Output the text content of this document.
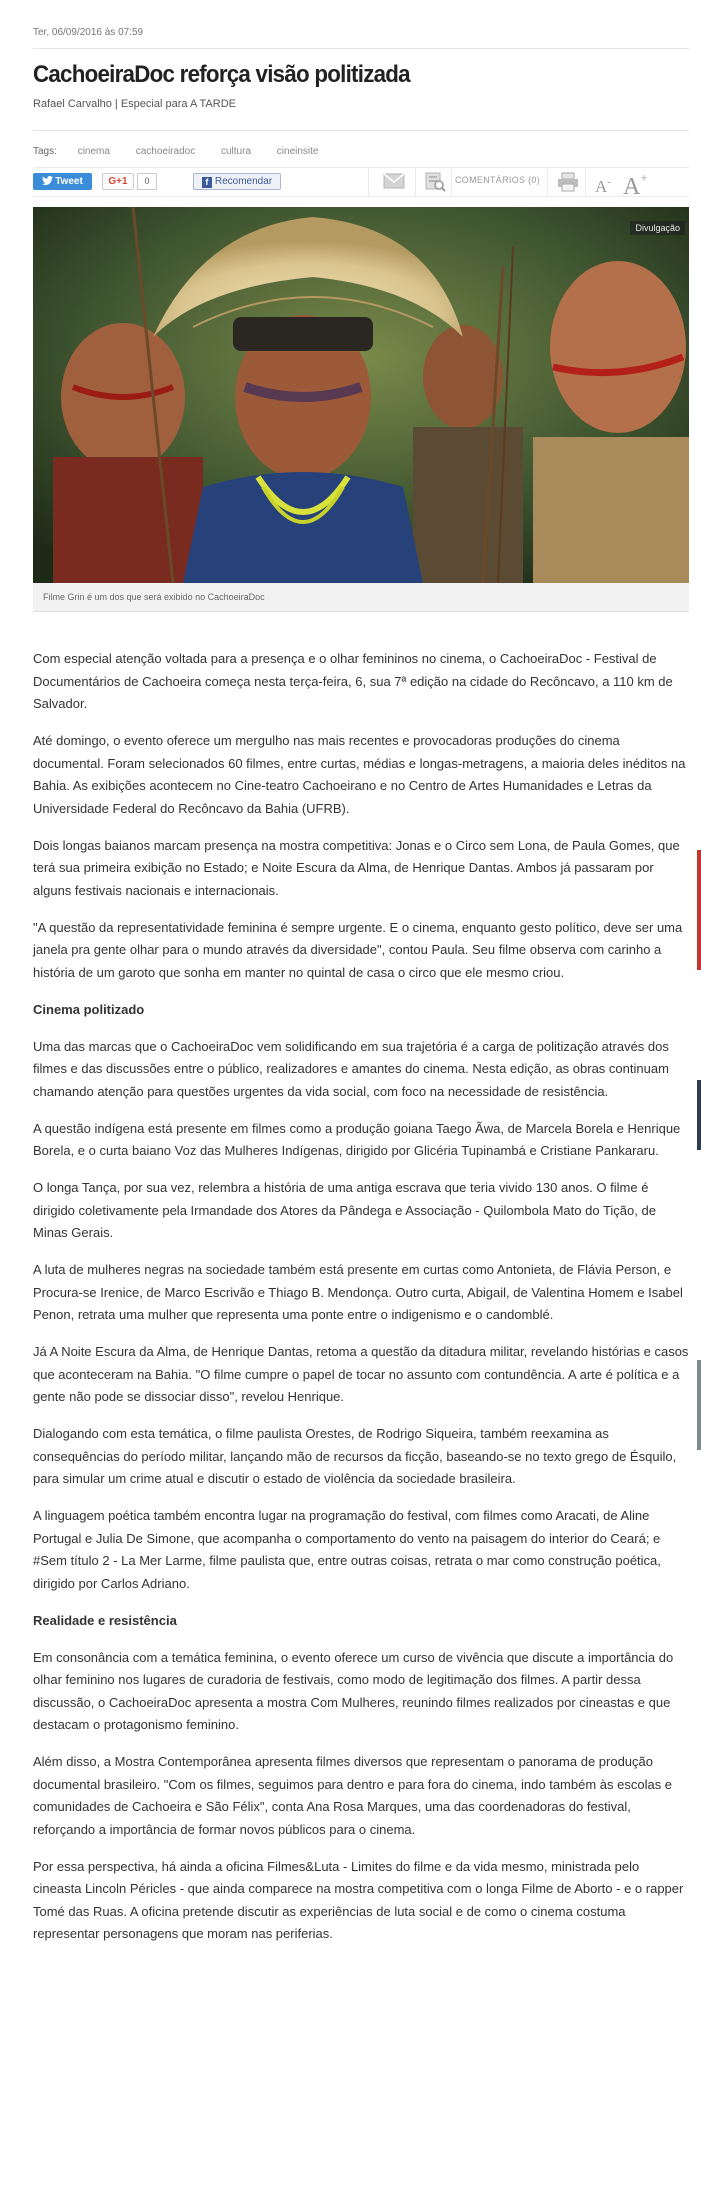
Ter, 06/09/2016 às 07:59
CachoeiraDoc reforça visão politizada
Rafael Carvalho | Especial para A TARDE
Tags: cinema	cachoeiradoc	cultura	cineinsite
Tweet	G+1	0	f Recomendar	COMENTÁRIOS (0)	A- A+
Divulgação
Filme Grin é um dos que será exibido no CachoeiraDoc

Com especial atenção voltada para a presença e o olhar femininos no cinema, o CachoeiraDoc - Festival de Documentários de Cachoeira começa nesta terça-feira, 6, sua 7ª edição na cidade do Recôncavo, a 110 km de Salvador.

Até domingo, o evento oferece um mergulho nas mais recentes e provocadoras produções do cinema documental. Foram selecionados 60 filmes, entre curtas, médias e longas-metragens, a maioria deles inéditos na Bahia. As exibições acontecem no Cine-teatro Cachoeirano e no Centro de Artes Humanidades e Letras da Universidade Federal do Recôncavo da Bahia (UFRB).

Dois longas baianos marcam presença na mostra competitiva: Jonas e o Circo sem Lona, de Paula Gomes, que terá sua primeira exibição no Estado; e Noite Escura da Alma, de Henrique Dantas. Ambos já passaram por alguns festivais nacionais e internacionais.

"A questão da representatividade feminina é sempre urgente. E o cinema, enquanto gesto político, deve ser uma janela pra gente olhar para o mundo através da diversidade", contou Paula. Seu filme observa com carinho a história de um garoto que sonha em manter no quintal de casa o circo que ele mesmo criou.

Cinema politizado

Uma das marcas que o CachoeiraDoc vem solidificando em sua trajetória é a carga de politização através dos filmes e das discussões entre o público, realizadores e amantes do cinema. Nesta edição, as obras continuam chamando atenção para questões urgentes da vida social, com foco na necessidade de resistência.

A questão indígena está presente em filmes como a produção goiana Taego Ãwa, de Marcela Borela e Henrique Borela, e o curta baiano Voz das Mulheres Indígenas, dirigido por Glicéria Tupinambá e Cristiane Pankararu.

O longa Tança, por sua vez, relembra a história de uma antiga escrava que teria vivido 130 anos. O filme é dirigido coletivamente pela Irmandade dos Atores da Pândega e Associação - Quilombola Mato do Tição, de Minas Gerais.

A luta de mulheres negras na sociedade também está presente em curtas como Antonieta, de Flávia Person, e Procura-se Irenice, de Marco Escrivão e Thiago B. Mendonça. Outro curta, Abigail, de Valentina Homem e Isabel Penon, retrata uma mulher que representa uma ponte entre o indigenismo e o candomblé.

Já A Noite Escura da Alma, de Henrique Dantas, retoma a questão da ditadura militar, revelando histórias e casos que aconteceram na Bahia. "O filme cumpre o papel de tocar no assunto com contundência. A arte é política e a gente não pode se dissociar disso", revelou Henrique.

Dialogando com esta temática, o filme paulista Orestes, de Rodrigo Siqueira, também reexamina as consequências do período militar, lançando mão de recursos da ficção, baseando-se no texto grego de Ésquilo, para simular um crime atual e discutir o estado de violência da sociedade brasileira.

A linguagem poética também encontra lugar na programação do festival, com filmes como Aracati, de Aline Portugal e Julia De Simone, que acompanha o comportamento do vento na paisagem do interior do Ceará; e #Sem título 2 - La Mer Larme, filme paulista que, entre outras coisas, retrata o mar como construção poética, dirigido por Carlos Adriano.

Realidade e resistência

Em consonância com a temática feminina, o evento oferece um curso de vivência que discute a importância do olhar feminino nos lugares de curadoria de festivais, como modo de legitimação dos filmes. A partir dessa discussão, o CachoeiraDoc apresenta a mostra Com Mulheres, reunindo filmes realizados por cineastas e que destacam o protagonismo feminino.

Além disso, a Mostra Contemporânea apresenta filmes diversos que representam o panorama de produção documental brasileiro. "Com os filmes, seguimos para dentro e para fora do cinema, indo também às escolas e comunidades de Cachoeira e São Félix", conta Ana Rosa Marques, uma das coordenadoras do festival, reforçando a importância de formar novos públicos para o cinema.

Por essa perspectiva, há ainda a oficina Filmes&Luta - Limites do filme e da vida mesmo, ministrada pelo cineasta Lincoln Péricles - que ainda comparece na mostra competitiva com o longa Filme de Aborto - e o rapper Tomé das Ruas. A oficina pretende discutir as experiências de luta social e de como o cinema costuma representar personagens que moram nas periferias.
